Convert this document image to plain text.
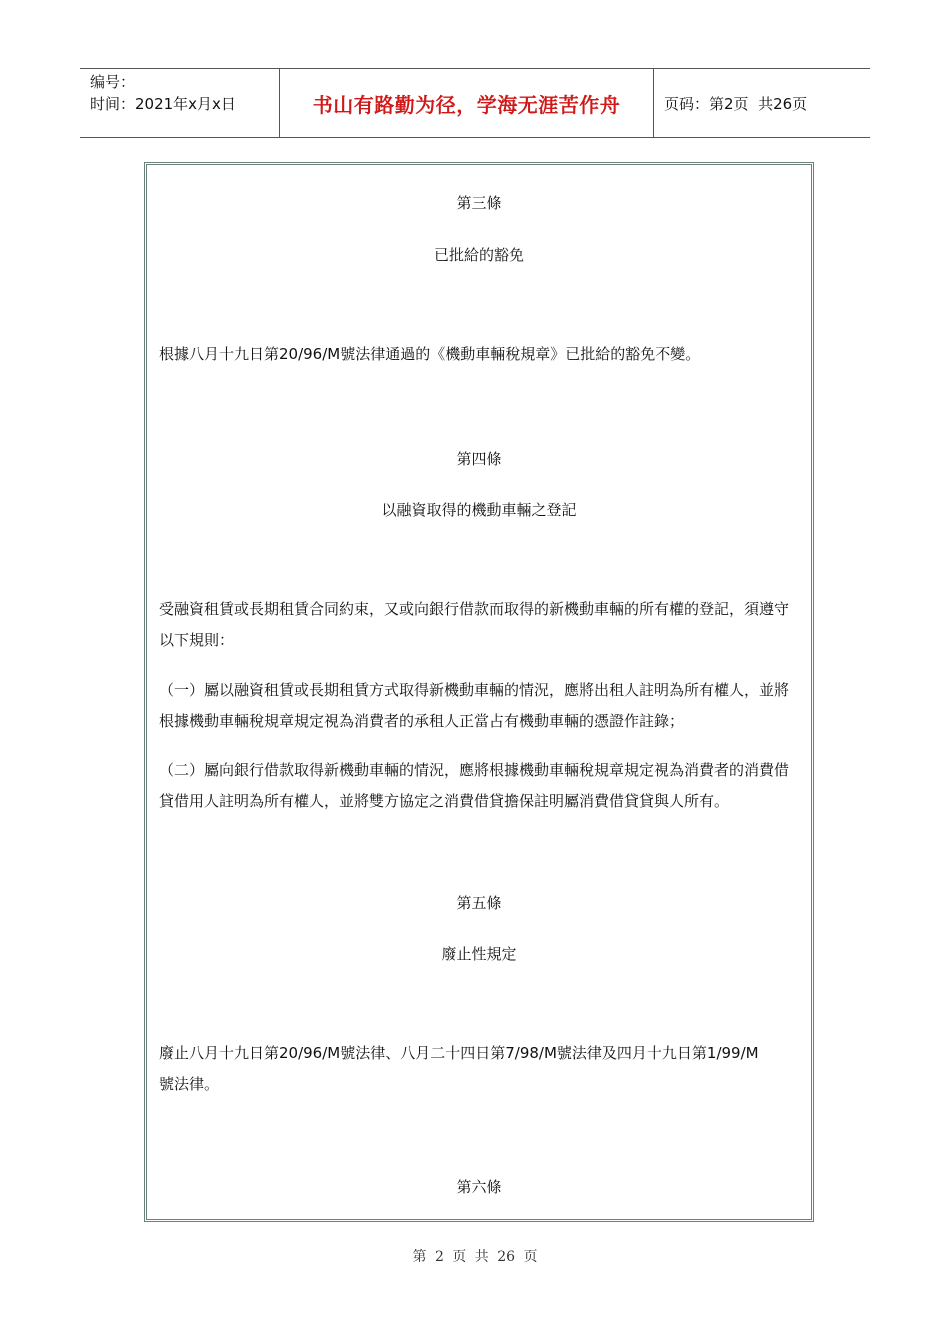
编号：
时间：2021年x月x日	书山有路勤为径，学海无涯苦作舟	页码：第2页  共26页
第三條
已批給的豁免
根據八月十九日第20/96/M號法律通過的《機動車輛稅規章》已批給的豁免不變。
第四條
以融資取得的機動車輛之登記
受融資租賃或長期租賃合同約束，又或向銀行借款而取得的新機動車輛的所有權的登記，須遵守以下規則：
（一）屬以融資租賃或長期租賃方式取得新機動車輛的情況，應將出租人註明為所有權人，並將根據機動車輛稅規章規定視為消費者的承租人正當占有機動車輛的憑證作註錄；
（二）屬向銀行借款取得新機動車輛的情況，應將根據機動車輛稅規章規定視為消費者的消費借貸借用人註明為所有權人，並將雙方協定之消費借貸擔保註明屬消費借貸貸與人所有。
第五條
廢止性規定
廢止八月十九日第20/96/M號法律、八月二十四日第7/98/M號法律及四月十九日第1/99/M號法律。
第六條
第 2 页 共 26 页
